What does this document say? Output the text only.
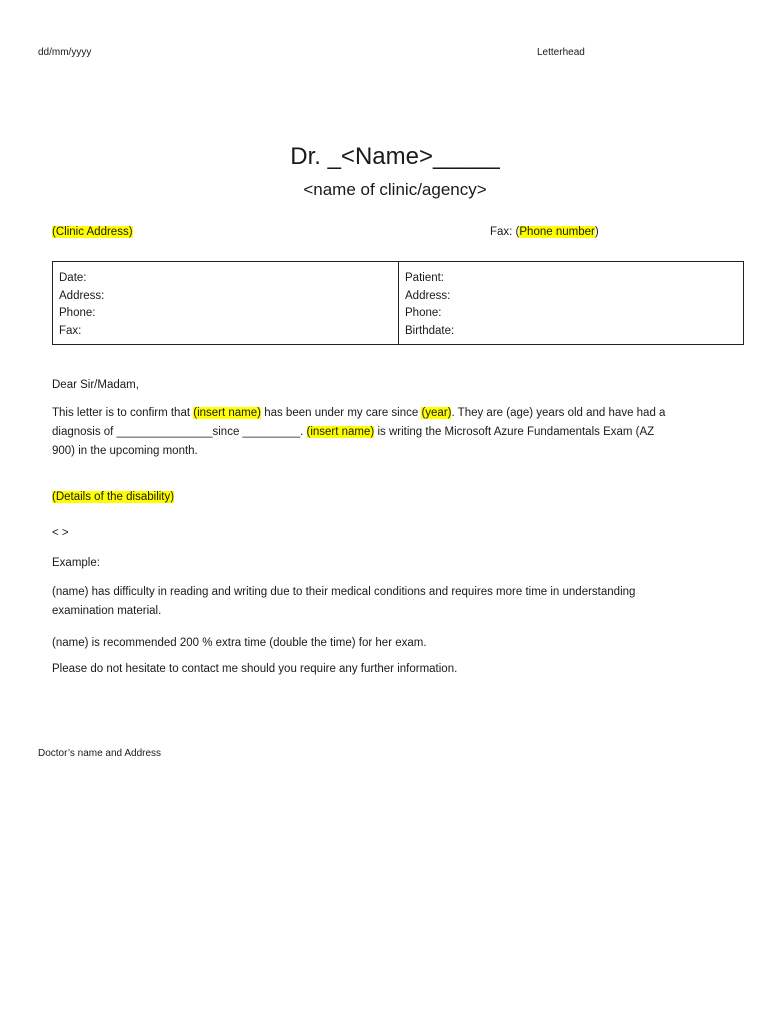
dd/mm/yyyy	Letterhead
Dr. _<Name>_____
<name of clinic/agency>
(Clinic Address)	Fax: (Phone number)
Date:
Address:
Phone:
Fax:
Patient:
Address:
Phone:
Birthdate:
Dear Sir/Madam,
This letter is to confirm that (insert name) has been under my care since (year). They are (age) years old and have had a
diagnosis of _______________since _________. (insert name) is writing the Microsoft Azure Fundamentals Exam (AZ
900) in the upcoming month.
(Details of the disability)
< >
Example:
(name) has difficulty in reading and writing due to their medical conditions and requires more time in understanding
examination material.
(name) is recommended 200 % extra time (double the time) for her exam.
Please do not hesitate to contact me should you require any further information.
Doctor’s name and Address
